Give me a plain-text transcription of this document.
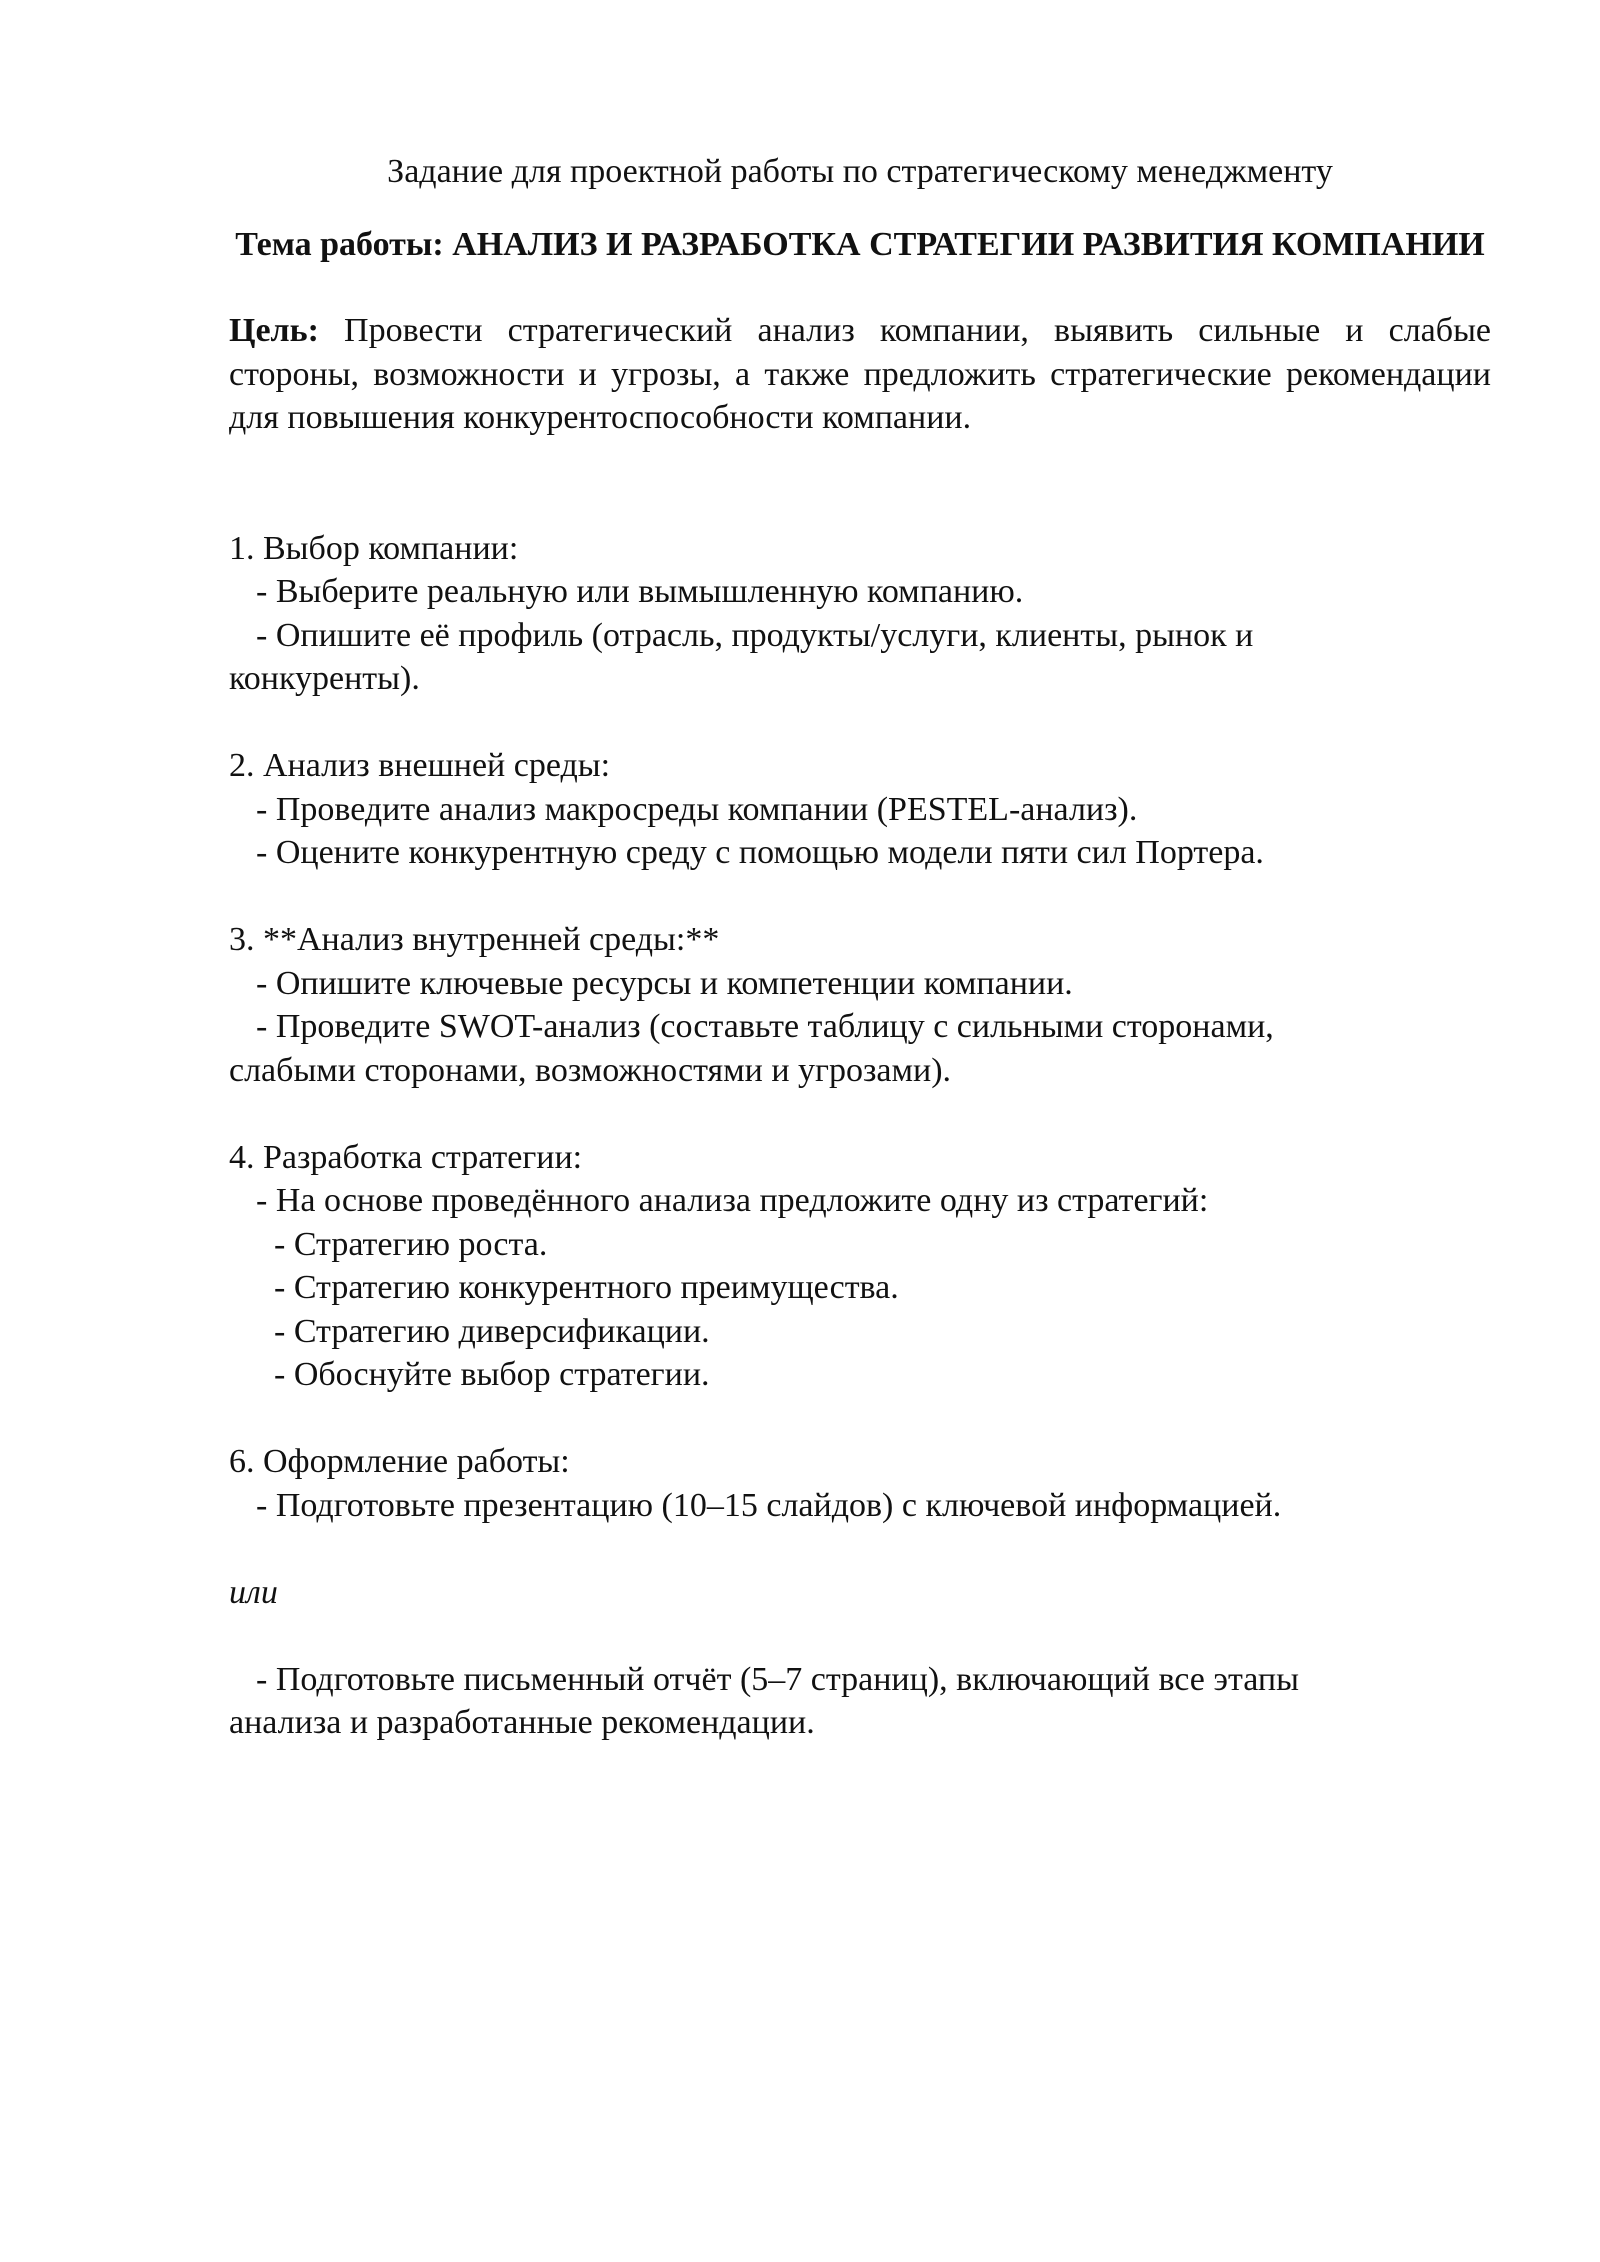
Задание для проектной работы по стратегическому менеджменту

Тема работы: АНАЛИЗ И РАЗРАБОТКА СТРАТЕГИИ РАЗВИТИЯ КОМПАНИИ

Цель: Провести стратегический анализ компании, выявить сильные и слабые стороны, возможности и угрозы, а также предложить стратегические рекомендации для повышения конкурентоспособности компании.

1. Выбор компании:
- Выберите реальную или вымышленную компанию.
- Опишите её профиль (отрасль, продукты/услуги, клиенты, рынок и
конкуренты).
2. Анализ внешней среды:
- Проведите анализ макросреды компании (PESTEL-анализ).
- Оцените конкурентную среду с помощью модели пяти сил Портера.
3. **Анализ внутренней среды:**
- Опишите ключевые ресурсы и компетенции компании.
- Проведите SWOT-анализ (составьте таблицу с сильными сторонами,
слабыми сторонами, возможностями и угрозами).
4. Разработка стратегии:
- На основе проведённого анализа предложите одну из стратегий:
- Стратегию роста.
- Стратегию конкурентного преимущества.
- Стратегию диверсификации.
- Обоснуйте выбор стратегии.
6. Оформление работы:
- Подготовьте презентацию (10–15 слайдов) с ключевой информацией.
или
- Подготовьте письменный отчёт (5–7 страниц), включающий все этапы
анализа и разработанные рекомендации.
